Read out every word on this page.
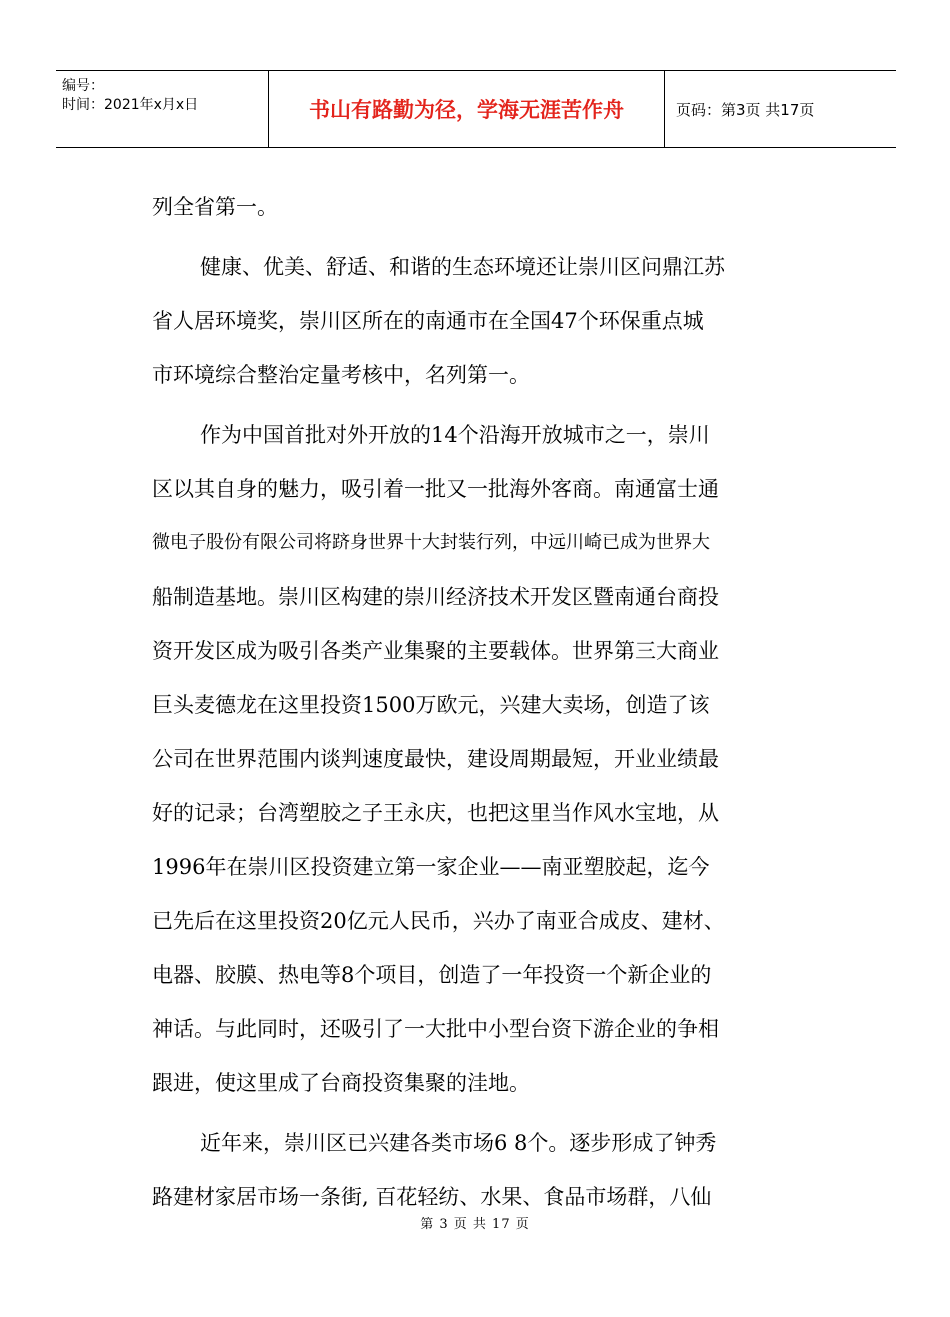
编号：
时间：2021年x月x日	书山有路勤为径，学海无涯苦作舟	页码：第3页 共17页
列全省第一。
健康、优美、舒适、和谐的生态环境还让崇川区问鼎江苏
省人居环境奖，崇川区所在的南通市在全国47个环保重点城
市环境综合整治定量考核中，名列第一。
作为中国首批对外开放的14个沿海开放城市之一，崇川
区以其自身的魅力，吸引着一批又一批海外客商。南通富士通
微电子股份有限公司将跻身世界十大封装行列，中远川崎已成为世界大
船制造基地。崇川区构建的崇川经济技术开发区暨南通台商投
资开发区成为吸引各类产业集聚的主要载体。世界第三大商业
巨头麦德龙在这里投资1500万欧元，兴建大卖场，创造了该
公司在世界范围内谈判速度最快，建设周期最短，开业业绩最
好的记录；台湾塑胶之子王永庆，也把这里当作风水宝地，从
1996年在崇川区投资建立第一家企业——南亚塑胶起，迄今
已先后在这里投资20亿元人民币，兴办了南亚合成皮、建材、
电器、胶膜、热电等8个项目，创造了一年投资一个新企业的
神话。与此同时，还吸引了一大批中小型台资下游企业的争相
跟进，使这里成了台商投资集聚的洼地。
近年来，崇川区已兴建各类市场6 8个。逐步形成了钟秀
路建材家居市场一条街, 百花轻纺、水果、食品市场群，八仙
第 3 页 共 17 页
